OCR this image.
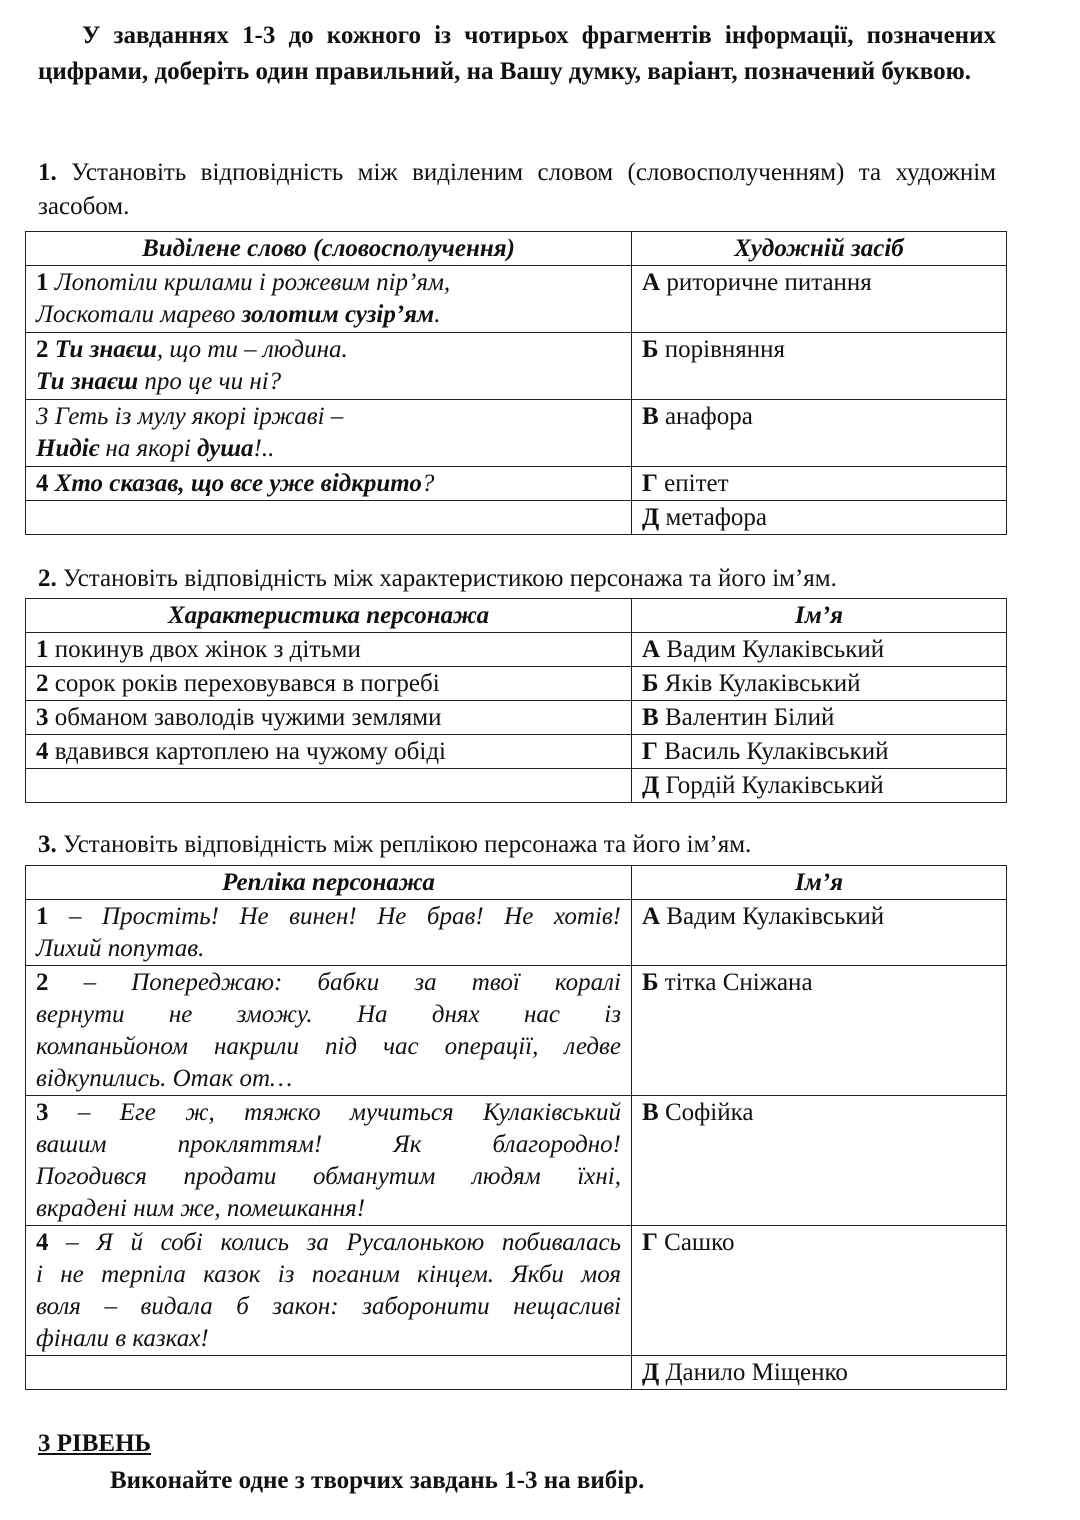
У завданнях 1-3 до кожного із чотирьох фрагментів інформації, позначених цифрами, доберіть один правильний, на Вашу думку, варіант, позначений буквою.

1. Установіть відповідність між виділеним словом (словосполученням) та художнім засобом.

Виділене слово (словосполучення)	Художній засіб
1 Лопотіли крилами і рожевим пір’ям,
Лоскотали марево золотим сузір’ям.	А риторичне питання
2 Ти знаєш, що ти – людина.
Ти знаєш про це чи ні?	Б порівняння
3 Геть із мулу якорі іржаві –
Нидіє на якорі душа!..	В анафора
4 Хто сказав, що все уже відкрито?	Г епітет
	Д метафора

2. Установіть відповідність між характеристикою персонажа та його ім’ям.

Характеристика персонажа	Ім’я
1 покинув двох жінок з дітьми	А Вадим Кулаківський
2 сорок років переховувався в погребі	Б Яків Кулаківський
3 обманом заволодів чужими землями	В Валентин Білий
4 вдавився картоплею на чужому обіді	Г Василь Кулаківський
	Д Гордій Кулаківський

3. Установіть відповідність між реплікою персонажа та його ім’ям.

Репліка персонажа	Ім’я

1 – Простіть! Не винен! Не брав! Не хотів!
Лихий попутав.	А Вадим Кулаківський

2 – Попереджаю: бабки за твої коралі
вернути не зможу. На днях нас із
компаньйоном накрили під час операції, ледве
відкупились. Отак от…	Б тітка Сніжана

3 – Еге ж, тяжко мучиться Кулаківський
вашим прокляттям! Як благородно!
Погодився продати обманутим людям їхні,
вкрадені ним же, помешкання!	В Софійка

4 – Я й собі колись за Русалонькою побивалась
і не терпіла казок із поганим кінцем. Якби моя
воля – видала б закон: заборонити нещасливі
фінали в казках!	Г Сашко
	Д Данило Міщенко
3 РІВЕНЬ
Виконайте одне з творчих завдань 1-3 на вибір.
